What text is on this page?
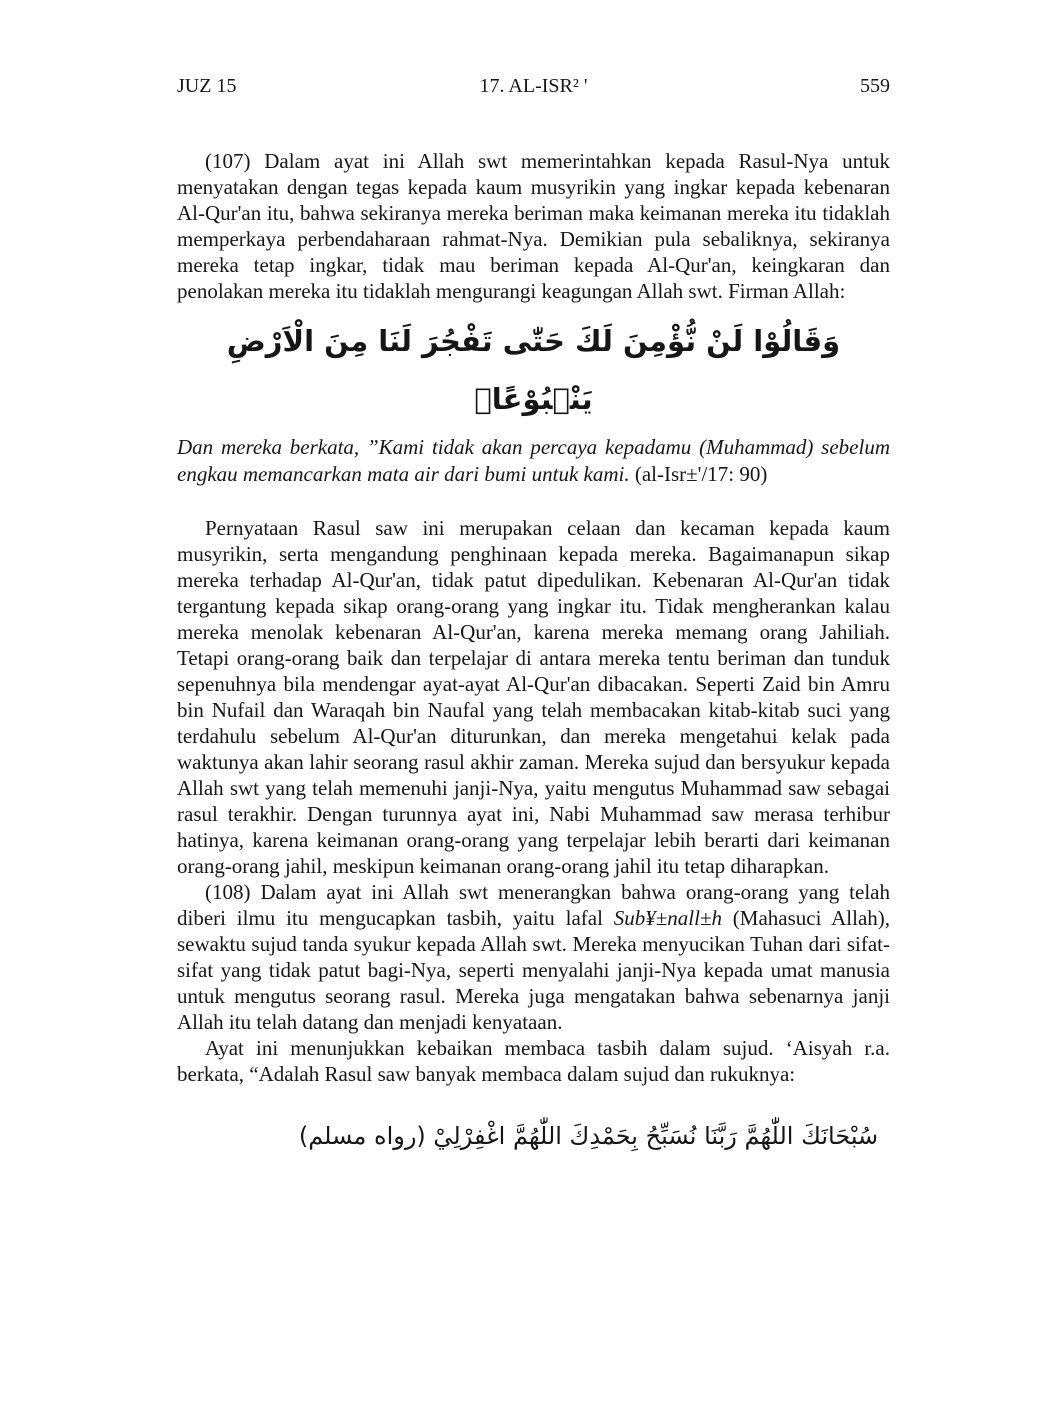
JUZ 15	17. AL-ISR² '	559

(107) Dalam ayat ini Allah swt memerintahkan kepada Rasul-Nya untuk menyatakan dengan tegas kepada kaum musyrikin yang ingkar kepada kebenaran Al-Qur'an itu, bahwa sekiranya mereka beriman maka keimanan mereka itu tidaklah memperkaya perbendaharaan rahmat-Nya. Demikian pula sebaliknya, sekiranya mereka tetap ingkar, tidak mau beriman kepada Al-Qur'an, keingkaran dan penolakan mereka itu tidaklah mengurangi keagungan Allah swt. Firman Allah:

وَقَالُوْا لَنْ نُّؤْمِنَ لَكَ حَتّٰى تَفْجُرَ لَنَا مِنَ الْاَرْضِ يَنْۢبُوْعًاۙ

Dan mereka berkata, ”Kami tidak akan percaya kepadamu (Muhammad) sebelum engkau memancarkan mata air dari bumi untuk kami. (al-Isr±'/17: 90)

Pernyataan Rasul saw ini merupakan celaan dan kecaman kepada kaum musyrikin, serta mengandung penghinaan kepada mereka. Bagaimanapun sikap mereka terhadap Al-Qur'an, tidak patut dipedulikan. Kebenaran Al-Qur'an tidak tergantung kepada sikap orang-orang yang ingkar itu. Tidak mengherankan kalau mereka menolak kebenaran Al-Qur'an, karena mereka memang orang Jahiliah. Tetapi orang-orang baik dan terpelajar di antara mereka tentu beriman dan tunduk sepenuhnya bila mendengar ayat-ayat Al-Qur'an dibacakan. Seperti Zaid bin Amru bin Nufail dan Waraqah bin Naufal yang telah membacakan kitab-kitab suci yang terdahulu sebelum Al-Qur'an diturunkan, dan mereka mengetahui kelak pada waktunya akan lahir seorang rasul akhir zaman. Mereka sujud dan bersyukur kepada Allah swt yang telah memenuhi janji-Nya, yaitu mengutus Muhammad saw sebagai rasul terakhir. Dengan turunnya ayat ini, Nabi Muhammad saw merasa terhibur hatinya, karena keimanan orang-orang yang terpelajar lebih berarti dari keimanan orang-orang jahil, meskipun keimanan orang-orang jahil itu tetap diharapkan.

(108) Dalam ayat ini Allah swt menerangkan bahwa orang-orang yang telah diberi ilmu itu mengucapkan tasbih, yaitu lafal Sub¥±nall±h (Mahasuci Allah), sewaktu sujud tanda syukur kepada Allah swt. Mereka menyucikan Tuhan dari sifat-sifat yang tidak patut bagi-Nya, seperti menyalahi janji-Nya kepada umat manusia untuk mengutus seorang rasul. Mereka juga mengatakan bahwa sebenarnya janji Allah itu telah datang dan menjadi kenyataan.

Ayat ini menunjukkan kebaikan membaca tasbih dalam sujud. ‘Aisyah r.a. berkata, “Adalah Rasul saw banyak membaca dalam sujud dan rukuknya:

سُبْحَانَكَ اللّٰهُمَّ رَبَّنَا نُسَبِّحُ بِحَمْدِكَ اللّٰهُمَّ اغْفِرْلِيْ (رواه مسلم)
